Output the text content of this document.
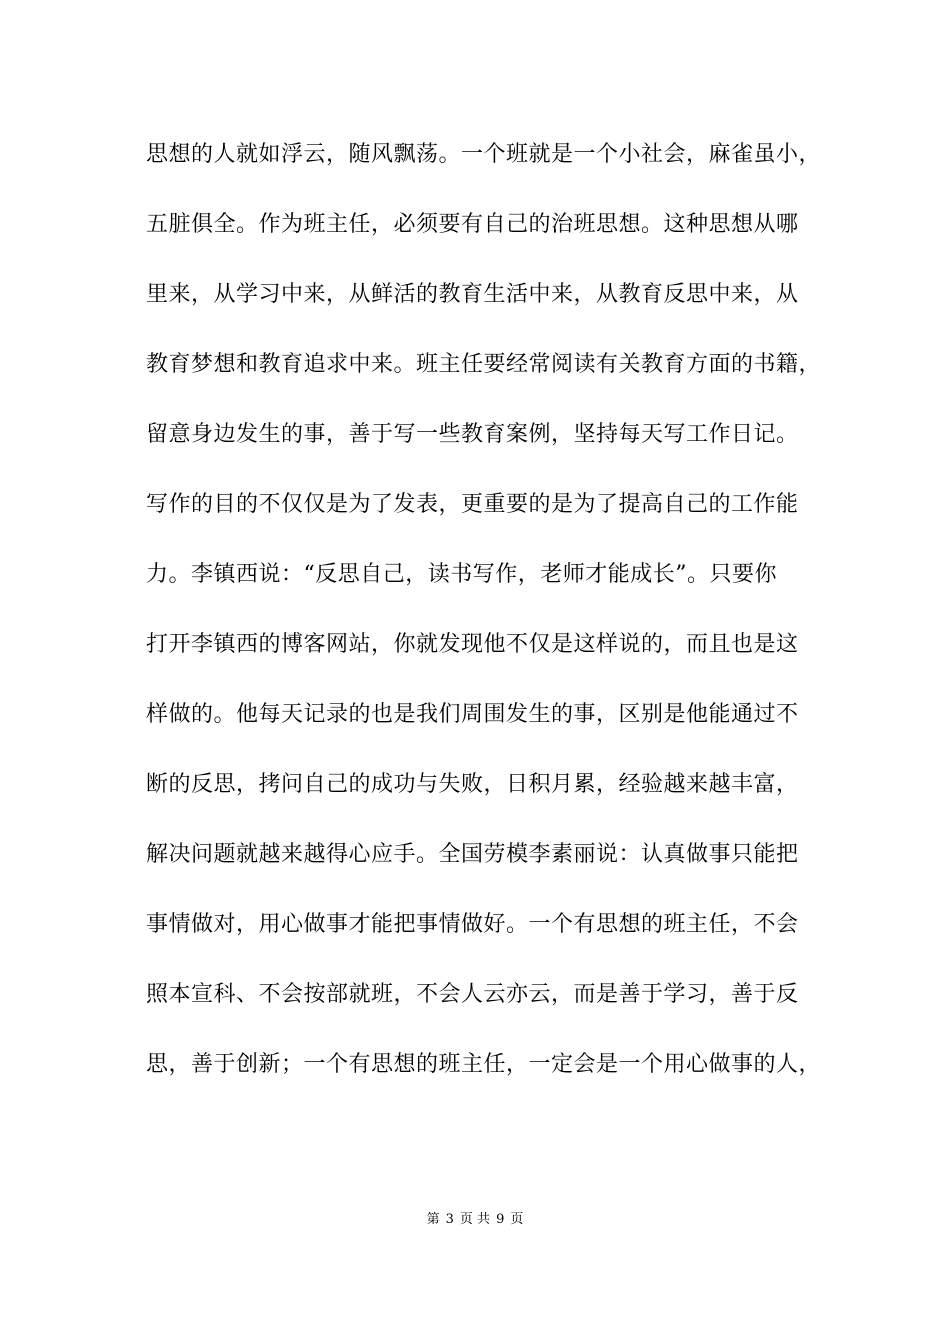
思想的人就如浮云，随风飘荡。一个班就是一个小社会，麻雀虽小，
五脏俱全。作为班主任，必须要有自己的治班思想。这种思想从哪
里来，从学习中来，从鲜活的教育生活中来，从教育反思中来，从
教育梦想和教育追求中来。班主任要经常阅读有关教育方面的书籍，
留意身边发生的事，善于写一些教育案例，坚持每天写工作日记。
写作的目的不仅仅是为了发表，更重要的是为了提高自己的工作能
力。李镇西说：“反思自己，读书写作，老师才能成长”。只要你
打开李镇西的博客网站，你就发现他不仅是这样说的，而且也是这
样做的。他每天记录的也是我们周围发生的事，区别是他能通过不
断的反思，拷问自己的成功与失败，日积月累，经验越来越丰富，
解决问题就越来越得心应手。全国劳模李素丽说：认真做事只能把
事情做对，用心做事才能把事情做好。一个有思想的班主任，不会
照本宣科、不会按部就班，不会人云亦云，而是善于学习，善于反
思，善于创新；一个有思想的班主任，一定会是一个用心做事的人，
第 3 页 共 9 页
